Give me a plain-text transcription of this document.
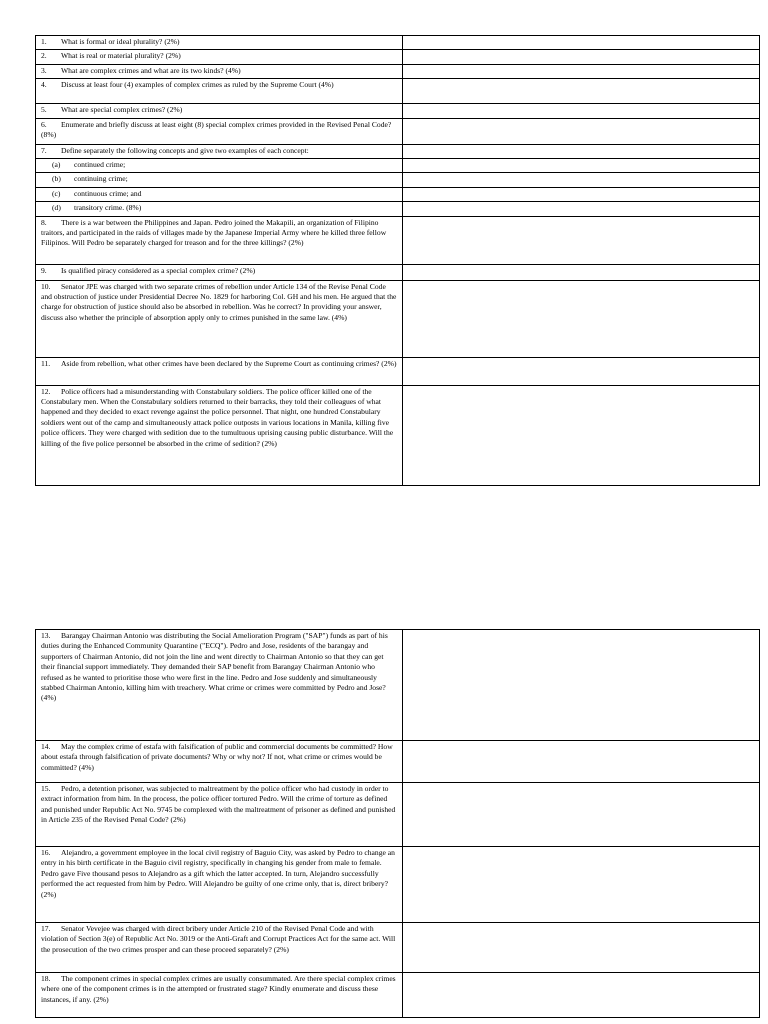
1. What is formal or ideal plurality? (2%)	
2. What is real or material plurality? (2%)	
3. What are complex crimes and what are its two kinds? (4%)	
4. Discuss at least four (4) examples of complex crimes as ruled by the Supreme Court (4%)	
5. What are special complex crimes? (2%)	
6. Enumerate and briefly discuss at least eight (8) special complex crimes provided in the Revised Penal Code? (8%)	
7. Define separately the following concepts and give two examples of each concept:	
(a) continued crime;	
(b) continuing crime;	
(c) continuous crime; and	
(d) transitory crime. (8%)	
8. There is a war between the Philippines and Japan. Pedro joined the Makapili, an organization of Filipino traitors, and participated in the raids of villages made by the Japanese Imperial Army where he killed three fellow Filipinos. Will Pedro be separately charged for treason and for the three killings? (2%)	
9. Is qualified piracy considered as a special complex crime? (2%)	
10. Senator JPE was charged with two separate crimes of rebellion under Article 134 of the Revise Penal Code and obstruction of justice under Presidential Decree No. 1829 for harboring Col. GH and his men. He argued that the charge for obstruction of justice should also be absorbed in rebellion. Was he correct? In providing your answer, discuss also whether the principle of absorption apply only to crimes punished in the same law. (4%)	
11. Aside from rebellion, what other crimes have been declared by the Supreme Court as continuing crimes? (2%)	
12. Police officers had a misunderstanding with Constabulary soldiers. The police officer killed one of the Constabulary men. When the Constabulary soldiers returned to their barracks, they told their colleagues of what happened and they decided to exact revenge against the police personnel. That night, one hundred Constabulary soldiers went out of the camp and simultaneously attack police outposts in various locations in Manila, killing five police officers. They were charged with sedition due to the tumultuous uprising causing public disturbance. Will the killing of the five police personnel be absorbed in the crime of sedition? (2%)	
13. Barangay Chairman Antonio was distributing the Social Amelioration Program ("SAP") funds as part of his duties during the Enhanced Community Quarantine ("ECQ"). Pedro and Jose, residents of the barangay and supporters of Chairman Antonio, did not join the line and went directly to Chairman Antonio so that they can get their financial support immediately. They demanded their SAP benefit from Barangay Chairman Antonio who refused as he wanted to prioritise those who were first in the line. Pedro and Jose suddenly and simultaneously stabbed Chairman Antonio, killing him with treachery. What crime or crimes were committed by Pedro and Jose? (4%)	
14. May the complex crime of estafa with falsification of public and commercial documents be committed? How about estafa through falsification of private documents? Why or why not? If not, what crime or crimes would be committed? (4%)	
15. Pedro, a detention prisoner, was subjected to maltreatment by the police officer who had custody in order to extract information from him. In the process, the police officer tortured Pedro. Will the crime of torture as defined and punished under Republic Act No. 9745 be complexed with the maltreatment of prisoner as defined and punished in Article 235 of the Revised Penal Code? (2%)	
16. Alejandro, a government employee in the local civil registry of Baguio City, was asked by Pedro to change an entry in his birth certificate in the Baguio civil registry, specifically in changing his gender from male to female. Pedro gave Five thousand pesos to Alejandro as a gift which the latter accepted. In turn, Alejandro successfully performed the act requested from him by Pedro. Will Alejandro be guilty of one crime only, that is, direct bribery? (2%)	
17. Senator Vevejee was charged with direct bribery under Article 210 of the Revised Penal Code and with violation of Section 3(e) of Republic Act No. 3019 or the Anti-Graft and Corrupt Practices Act for the same act. Will the prosecution of the two crimes prosper and can these proceed separately? (2%)	
18. The component crimes in special complex crimes are usually consummated. Are there special complex crimes where one of the component crimes is in the attempted or frustrated stage? Kindly enumerate and discuss these instances, if any. (2%)	
